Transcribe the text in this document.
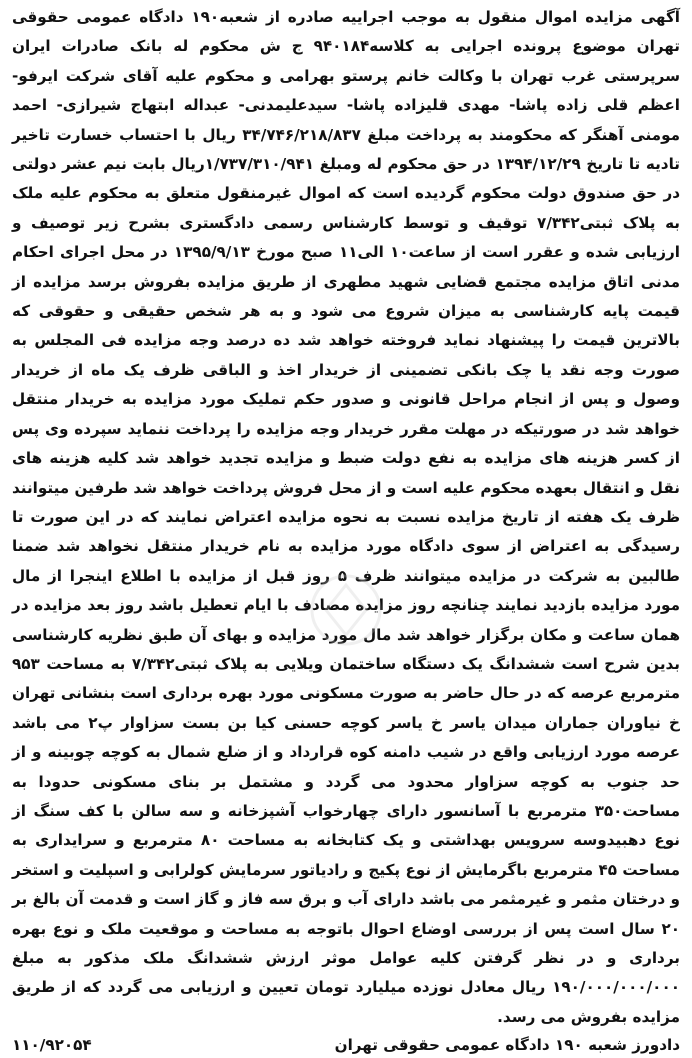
آگهی مزایده اموال منقول به موجب اجراییه صادره از شعبه۱۹۰ دادگاه عمومی حقوقی تهران موضوع پرونده اجرایی به کلاسه۹۴۰۱۸۴ ج ش محکوم له بانک صادرات ایران سرپرستی غرب تهران با وکالت خانم پرستو بهرامی و محکوم علیه آقای شرکت ایرفو- اعظم قلی زاده پاشا- مهدی قلیزاده پاشا- سیدعلیمدنی- عبداله ابتهاج شیرازی- احمد مومنی آهنگر که محکومند به پرداخت مبلغ ۳۴/۷۴۶/۲۱۸/۸۳۷ ریال با احتساب خسارت تاخیر تادیه تا تاریخ ۱۳۹۴/۱۲/۲۹ در حق محکوم له ومبلغ ۱/۷۳۷/۳۱۰/۹۴۱ریال بابت نیم عشر دولتی در حق صندوق دولت محکوم گردیده است که اموال غیرمنقول متعلق به محکوم علیه ملک به پلاک ثبتی۷/۳۴۲ توقیف و توسط کارشناس رسمی دادگستری بشرح زیر توصیف و ارزیابی شده و عقرر است از ساعت۱۰ الی۱۱ صبح مورخ ۱۳۹۵/۹/۱۳ در محل اجرای احکام مدنی اتاق مزایده مجتمع قضایی شهید مطهری از طریق مزایده بفروش برسد مزایده از قیمت پایه کارشناسی به میزان شروع می شود و به هر شخص حقیقی و حقوقی که بالاترین قیمت را پیشنهاد نماید فروخته خواهد شد ده درصد وجه مزایده فی المجلس به صورت وجه نقد یا چک بانکی تضمینی از خریدار اخذ و الباقی ظرف یک ماه از خریدار وصول و پس از انجام مراحل قانونی و صدور حکم تملیک مورد مزایده به خریدار منتقل خواهد شد در صورتیکه در مهلت مقرر خریدار وجه مزایده را پرداخت ننماید سپرده وی پس از کسر هزینه های مزایده به نفع دولت ضبط و مزایده تجدید خواهد شد کلیه هزینه های نقل و انتقال بعهده محکوم علیه است و از محل فروش پرداخت خواهد شد طرفین میتوانند ظرف یک هفته از تاریخ مزایده نسبت به نحوه مزایده اعتراض نمایند که در این صورت تا رسیدگی به اعتراض از سوی دادگاه مورد مزایده به نام خریدار منتقل نخواهد شد ضمنا طالبین به شرکت در مزایده میتوانند ظرف ۵ روز قبل از مزایده با اطلاع اینجرا از مال مورد مزایده بازدید نمایند چنانچه روز مزایده مصادف با ایام تعطیل باشد روز بعد مزایده در همان ساعت و مکان برگزار خواهد شد مال مورد مزایده و بهای آن طبق نظریه کارشناسی بدین شرح است ششدانگ یک دستگاه ساختمان ویلایی به پلاک ثبتی۷/۳۴۲ به مساحت ۹۵۳ مترمربع عرصه که در حال حاضر به صورت مسکونی مورد بهره برداری است بنشانی تهران خ نیاوران جماران میدان یاسر خ یاسر کوچه حسنی کیا بن بست سزاوار پ۲ می باشد عرصه مورد ارزیابی واقع در شیب دامنه کوه قرارداد و از ضلع شمال به کوچه چوبینه و از حد جنوب به کوچه سزاوار محدود می گردد و مشتمل بر بنای مسکونی حدودا به مساحت۳۵۰ مترمربع با آسانسور دارای چهارخواب آشپزخانه و سه سالن با کف سنگ از نوع دهبیدوسه سرویس بهداشتی و یک کتابخانه به مساحت ۸۰ مترمربع و سرایداری به مساحت ۴۵ مترمربع باگرمایش از نوع پکیج و رادیاتور سرمایش کولرابی و اسپلیت و استخر و درختان مثمر و غیرمثمر می باشد دارای آب و برق سه فاز و گاز است و قدمت آن بالغ بر ۲۰ سال است پس از بررسی اوضاع احوال باتوجه به مساحت و موقعیت ملک و نوع بهره برداری و در نظر گرفتن کلیه عوامل موثر ارزش ششدانگ ملک مذکور به مبلغ ۱۹۰/۰۰۰/۰۰۰/۰۰۰ ریال معادل نوزده میلیارد تومان تعیین و ارزیابی می گردد که از طریق مزایده بفروش می رسد.

دادورز شعبه ۱۹۰ دادگاه عمومی حقوقی تهران
۱۱۰/۹۲۰۵۴
